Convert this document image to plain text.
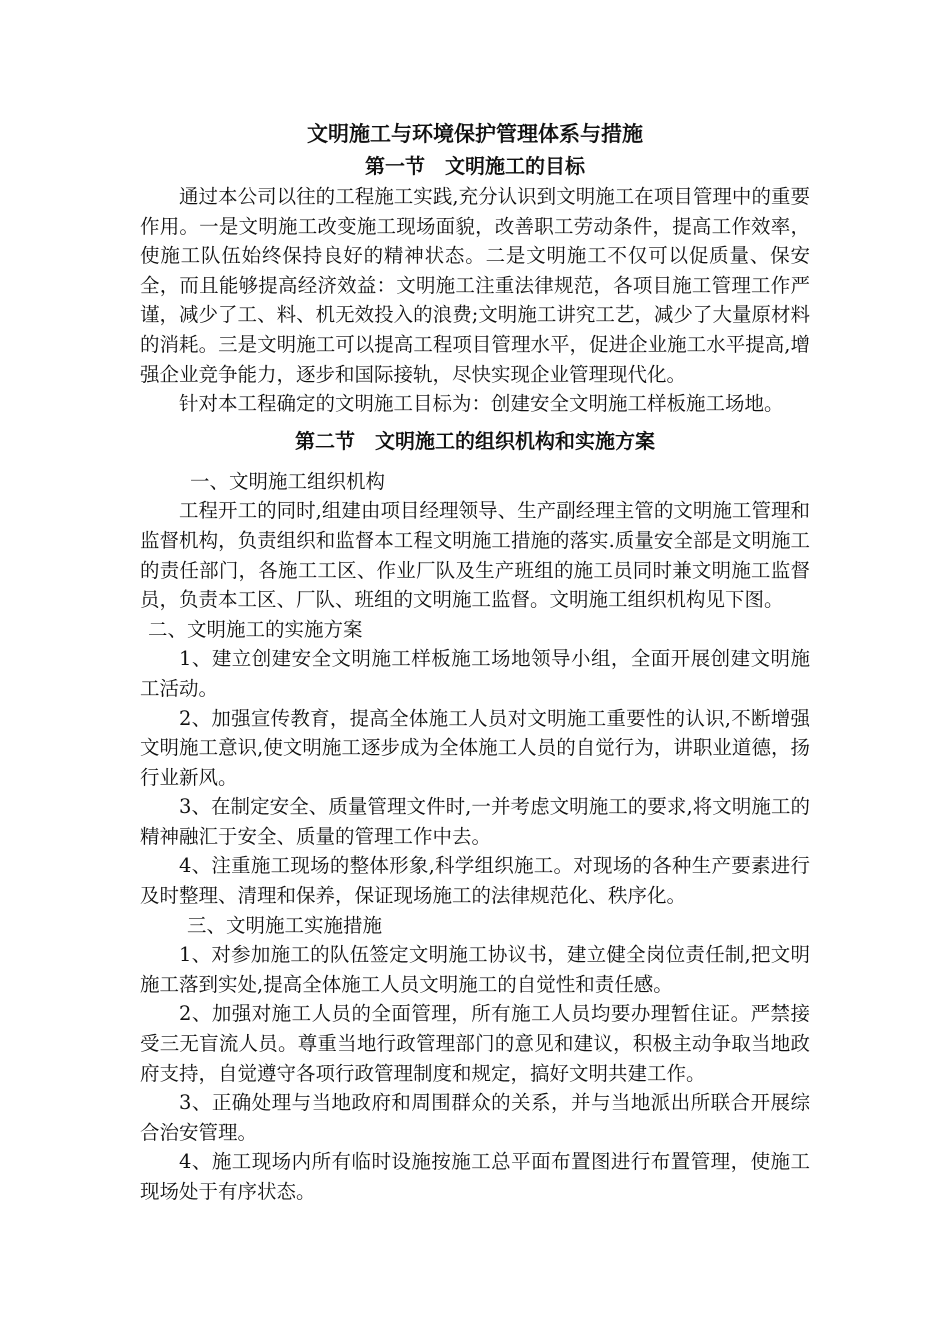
文明施工与环境保护管理体系与措施
第一节　文明施工的目标

通过本公司以往的工程施工实践,充分认识到文明施工在项目管理中的重要作用。一是文明施工改变施工现场面貌，改善职工劳动条件，提高工作效率，使施工队伍始终保持良好的精神状态。二是文明施工不仅可以促质量、保安全，而且能够提高经济效益：文明施工注重法律规范，各项目施工管理工作严谨，减少了工、料、机无效投入的浪费;文明施工讲究工艺，减少了大量原材料的消耗。三是文明施工可以提高工程项目管理水平，促进企业施工水平提高,增强企业竞争能力，逐步和国际接轨，尽快实现企业管理现代化。

针对本工程确定的文明施工目标为：创建安全文明施工样板施工场地。

第二节　文明施工的组织机构和实施方案

一、文明施工组织机构

工程开工的同时,组建由项目经理领导、生产副经理主管的文明施工管理和监督机构，负责组织和监督本工程文明施工措施的落实.质量安全部是文明施工的责任部门，各施工工区、作业厂队及生产班组的施工员同时兼文明施工监督员，负责本工区、厂队、班组的文明施工监督。文明施工组织机构见下图。

二、文明施工的实施方案

1、建立创建安全文明施工样板施工场地领导小组，全面开展创建文明施工活动。

2、加强宣传教育，提高全体施工人员对文明施工重要性的认识,不断增强文明施工意识,使文明施工逐步成为全体施工人员的自觉行为，讲职业道德，扬行业新风。

3、在制定安全、质量管理文件时,一并考虑文明施工的要求,将文明施工的精神融汇于安全、质量的管理工作中去。

4、注重施工现场的整体形象,科学组织施工。对现场的各种生产要素进行及时整理、清理和保养，保证现场施工的法律规范化、秩序化。

三、文明施工实施措施

1、对参加施工的队伍签定文明施工协议书，建立健全岗位责任制,把文明施工落到实处,提高全体施工人员文明施工的自觉性和责任感。

2、加强对施工人员的全面管理，所有施工人员均要办理暂住证。严禁接受三无盲流人员。尊重当地行政管理部门的意见和建议，积极主动争取当地政府支持，自觉遵守各项行政管理制度和规定，搞好文明共建工作。

3、正确处理与当地政府和周围群众的关系，并与当地派出所联合开展综合治安管理。

4、施工现场内所有临时设施按施工总平面布置图进行布置管理，使施工现场处于有序状态。
